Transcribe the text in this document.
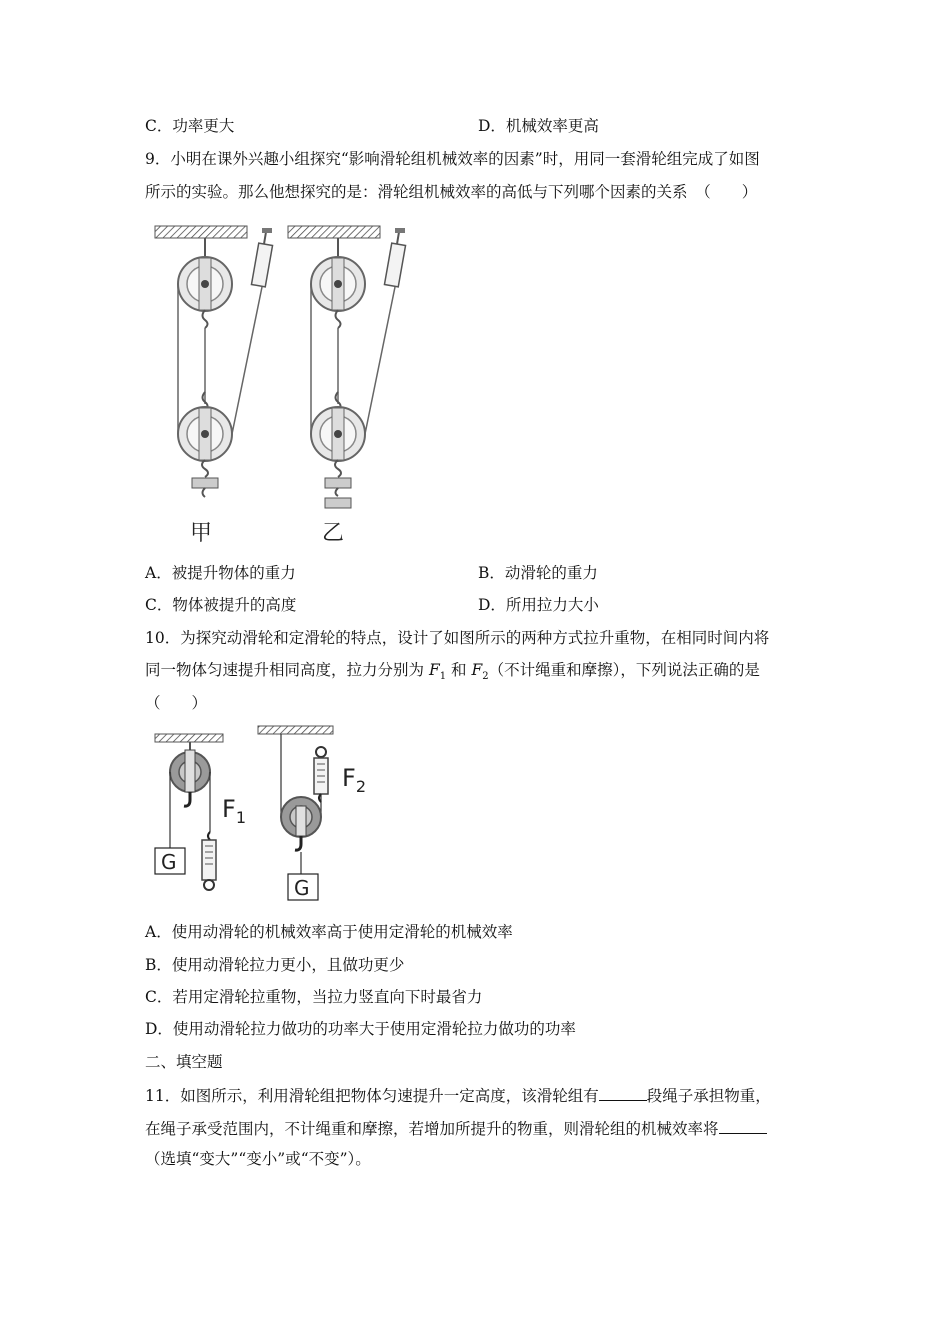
C．功率更大	D．机械效率更高
9．小明在课外兴趣小组探究“影响滑轮组机械效率的因素”时，用同一套滑轮组完成了如图
所示的实验。那么他想探究的是：滑轮组机械效率的高低与下列哪个因素的关系　（　　）
甲	乙
A．被提升物体的重力	B．动滑轮的重力
C．物体被提升的高度	D．所用拉力大小
10．为探究动滑轮和定滑轮的特点，设计了如图所示的两种方式拉升重物，在相同时间内将
同一物体匀速提升相同高度，拉力分别为 $F_1$ 和 $F_2$（不计绳重和摩擦），下列说法正确的是
（　　）
G
$F_1$
G
$F_2$
A．使用动滑轮的机械效率高于使用定滑轮的机械效率
B．使用动滑轮拉力更小，且做功更少
C．若用定滑轮拉重物，当拉力竖直向下时最省力
D．使用动滑轮拉力做功的功率大于使用定滑轮拉力做功的功率
二、填空题
11．如图所示，利用滑轮组把物体匀速提升一定高度，该滑轮组有	段绳子承担物重，
在绳子承受范围内，不计绳重和摩擦，若增加所提升的物重，则滑轮组的机械效率将
（选填“变大”“变小”或“不变”）。
